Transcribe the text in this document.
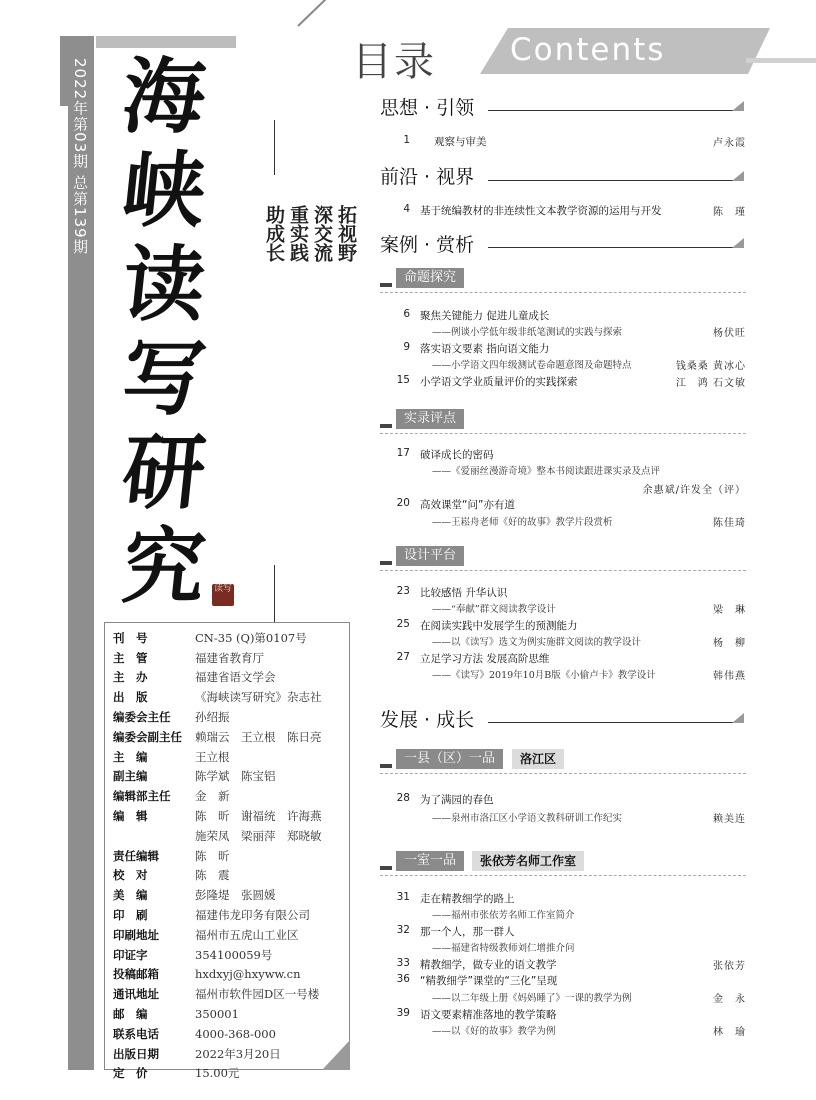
2022年第03期 总第139期 海
峡
读
写
研
究 读写
拓视野
深交流
重实践
助成长
刊　号	CN-35 (Q)第0107号
主　管	福建省教育厅
主　办	福建省语文学会
出　版	《海峡读写研究》杂志社
编委会主任	孙绍振
编委会副主任	赖瑞云　王立根　陈日亮
主　编	王立根
副主编	陈学斌　陈宝铝
编辑部主任	金　新
编　辑	陈　昕　谢福统　许海燕
	施荣凤　梁丽萍　郑晓敏
责任编辑	陈　昕
校　对	陈　震
美　编	彭隆堤　张圆媛
印　刷	福建伟龙印务有限公司
印刷地址	福州市五虎山工业区
印证字	354100059号
投稿邮箱	hxdxyj@hxyww.cn
通讯地址	福州市软件园D区一号楼
邮　编	350001
联系电话	4000-368-000
出版日期	2022年3月20日
定　价	15.00元
目录 Contents
思想 · 引领
1 观察与审美	卢永霞
前沿 · 视界
4 基于统编教材的非连续性文本教学资源的运用与开发	陈　瑾
案例 · 赏析
命题探究
6 聚焦关键能力 促进儿童成长
——例谈小学低年级非纸笔测试的实践与探索	杨伏旺
9 落实语文要素 指向语文能力
——小学语文四年级测试卷命题意图及命题特点	钱桑桑 黄冰心
15 小学语文学业质量评价的实践探索	江　鸿 石文敏
实录评点
17 破译成长的密码
——《爱丽丝漫游奇境》整本书阅读跟进课实录及点评
余惠斌/许发全（评）
20 高效课堂“问”亦有道
——王崧舟老师《好的故事》教学片段赏析	陈佳琦
设计平台
23 比较感悟 升华认识
——“奉献”群文阅读教学设计	梁　琳
25 在阅读实践中发展学生的预测能力
——以《读写》选文为例实施群文阅读的教学设计	杨　柳
27 立足学习方法 发展高阶思维
——《读写》2019年10月B版《小偷卢卡》教学设计	韩伟燕
发展 · 成长
一县（区）一品	洛江区
28 为了满园的春色
——泉州市洛江区小学语文教科研训工作纪实	赖美连
一室一品	张依芳名师工作室
31 走在精教细学的路上
——福州市张依芳名师工作室简介
32 那一个人，那一群人
——福建省特级教师刘仁增推介问
33 精教细学，做专业的语文教学	张依芳
36 “精教细学”课堂的“三化”呈现
——以二年级上册《妈妈睡了》一课的教学为例	金　永
39 语文要素精准落地的教学策略
——以《好的故事》教学为例	林　瑜
